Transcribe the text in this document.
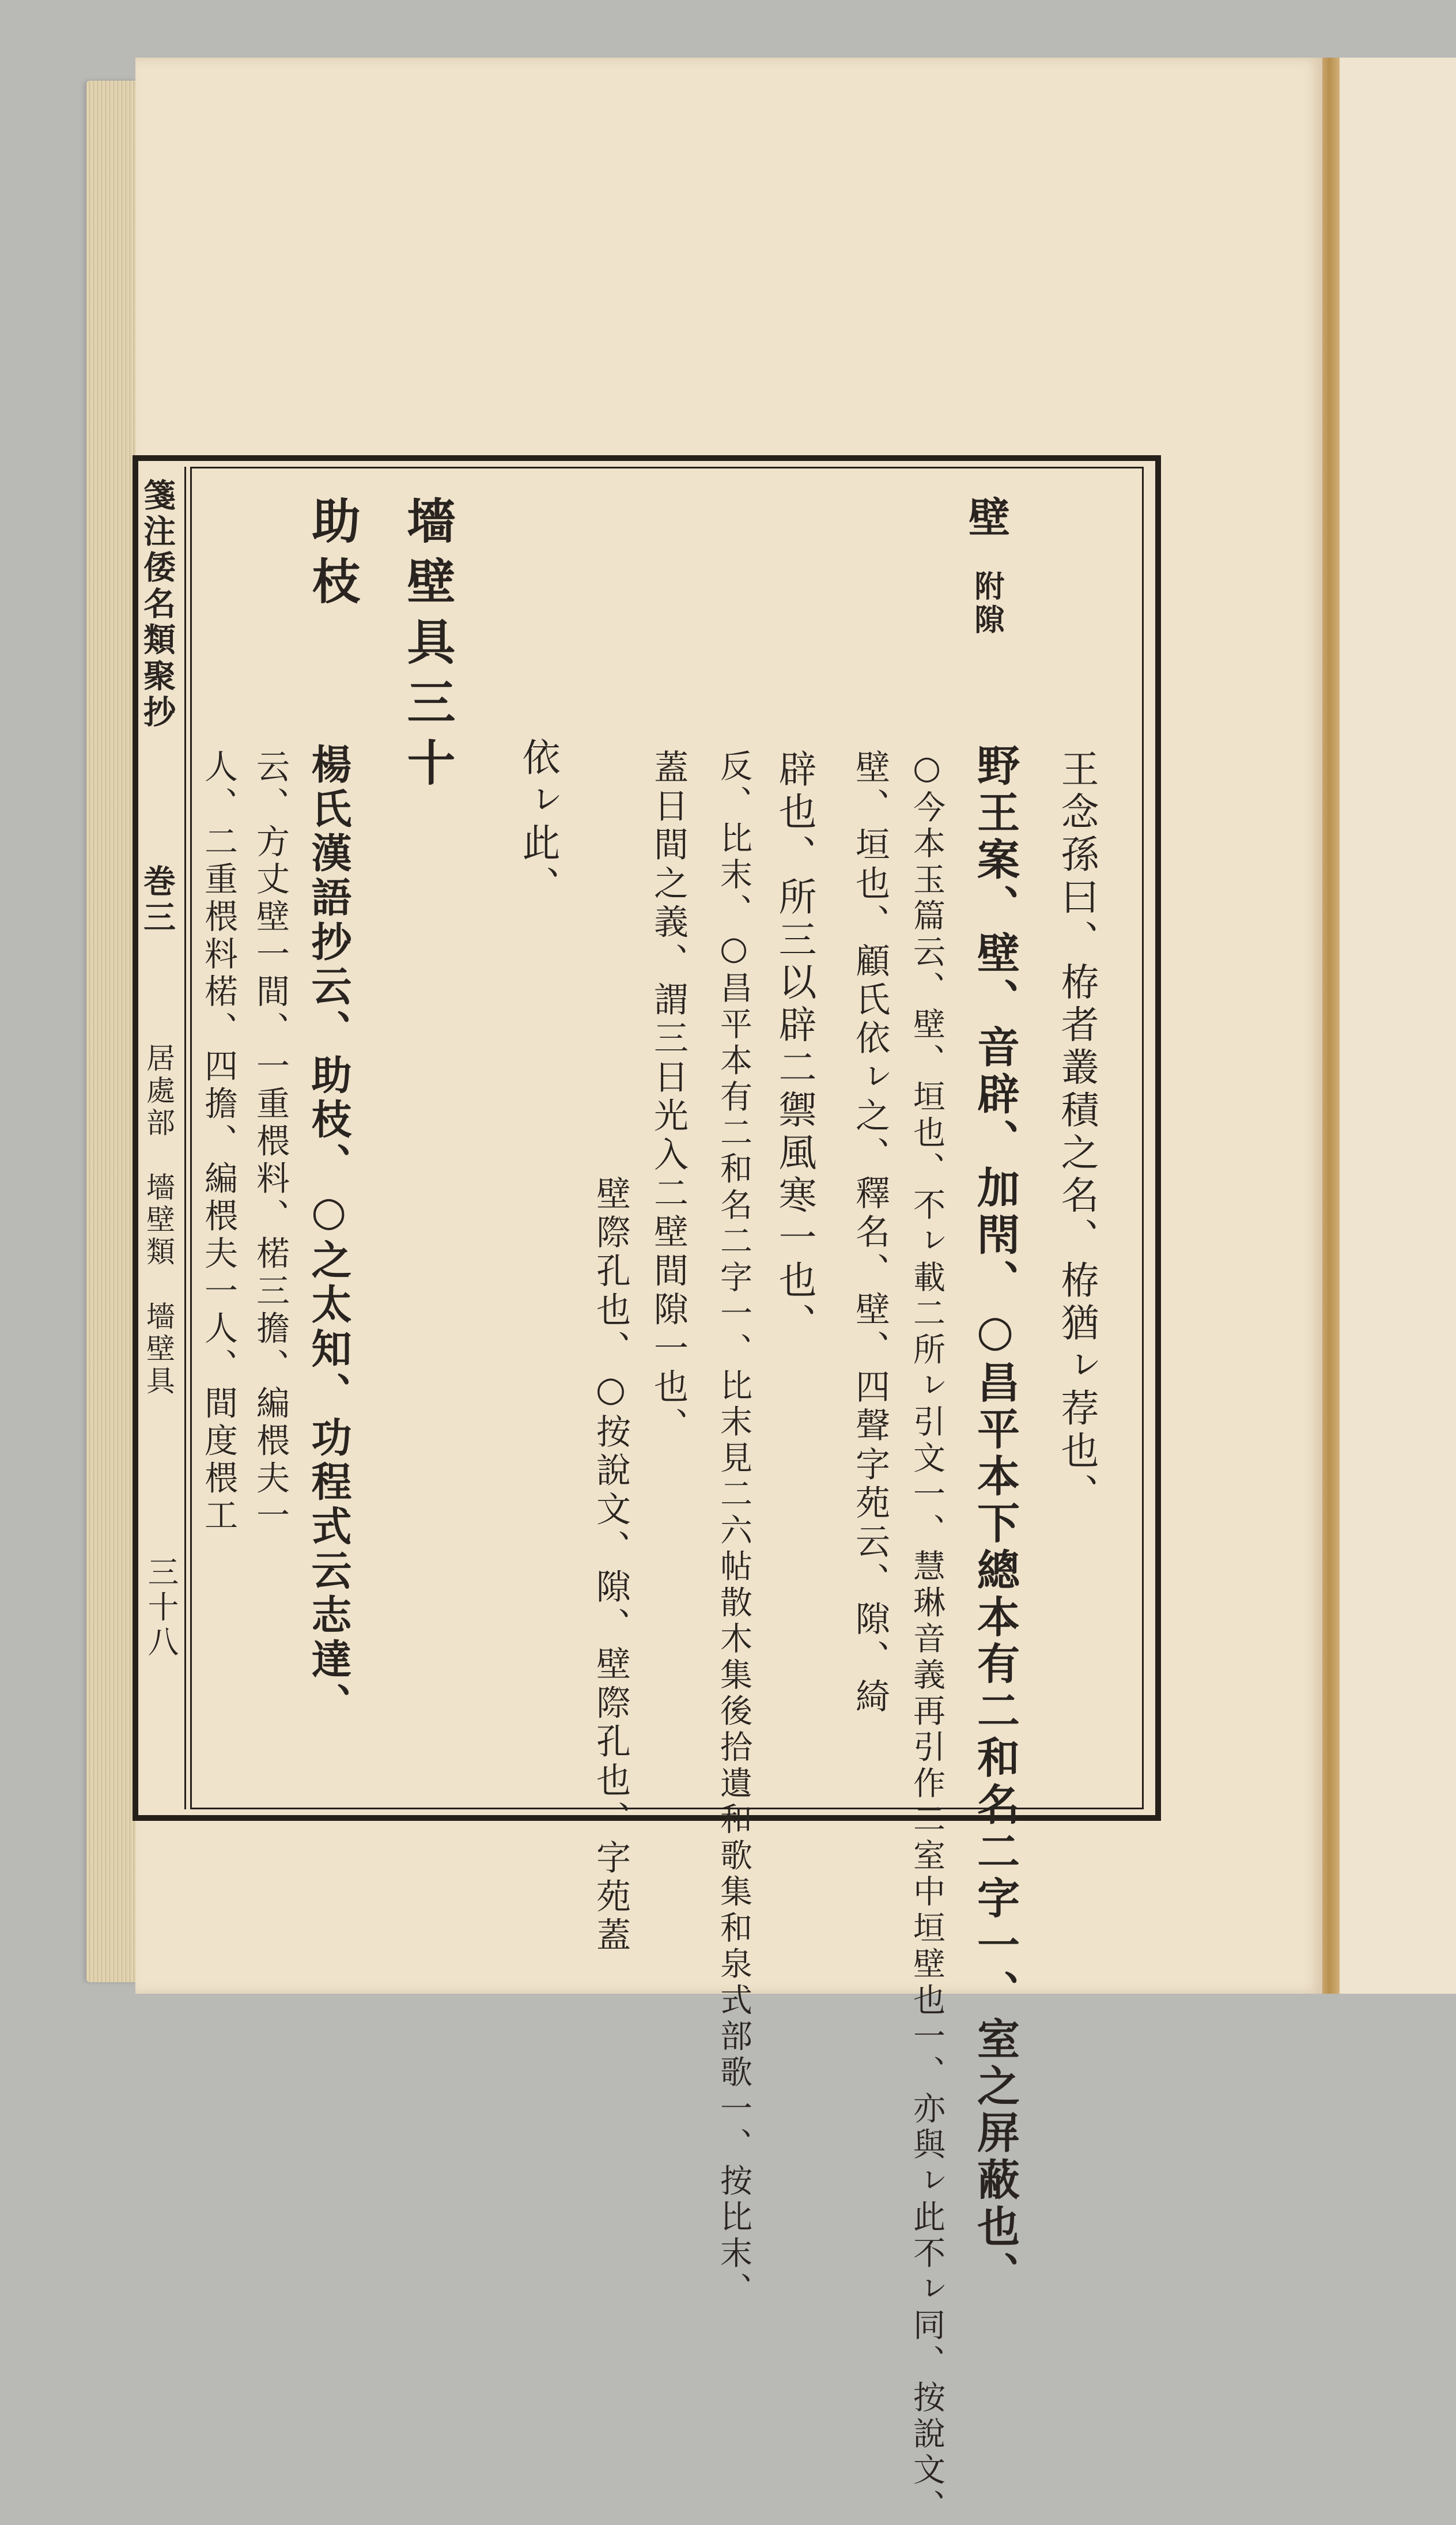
箋注倭名類聚抄
巻三
居處部　墻壁類　墻壁具
三十八
壁
附隙
王念孫曰、栫者叢積之名、栫猶ㇾ荐也、
野王案、壁、音辟、加閇、○昌平本下總本有二和名二字一、室之屏蔽也、
○今本玉篇云、壁、垣也、不ㇾ載二所ㇾ引文一、慧琳音義再引作二室中垣壁也一、亦與ㇾ此不ㇾ同、按說文、
壁、垣也、顧氏依ㇾ之、釋名、壁、四聲字苑云、隙、綺
辟也、所三以辟二禦風寒一也、
反、比末、○昌平本有二和名二字一、比末見二六帖散木集後拾遺和歌集和泉式部歌一、按比末、
蓋日間之義、謂三日光入二壁間隙一也、
壁際孔也、○按說文、隙、壁際孔也、字苑蓋
依ㇾ此、
墻壁具三十
助枝
楊氏漢語抄云、助枝、○之太知、功程式云志達、
云、方丈壁一間、一重椳料、楉三擔、編椳夫一
人、二重椳料楉、四擔、編椳夫一人、間度椳工
